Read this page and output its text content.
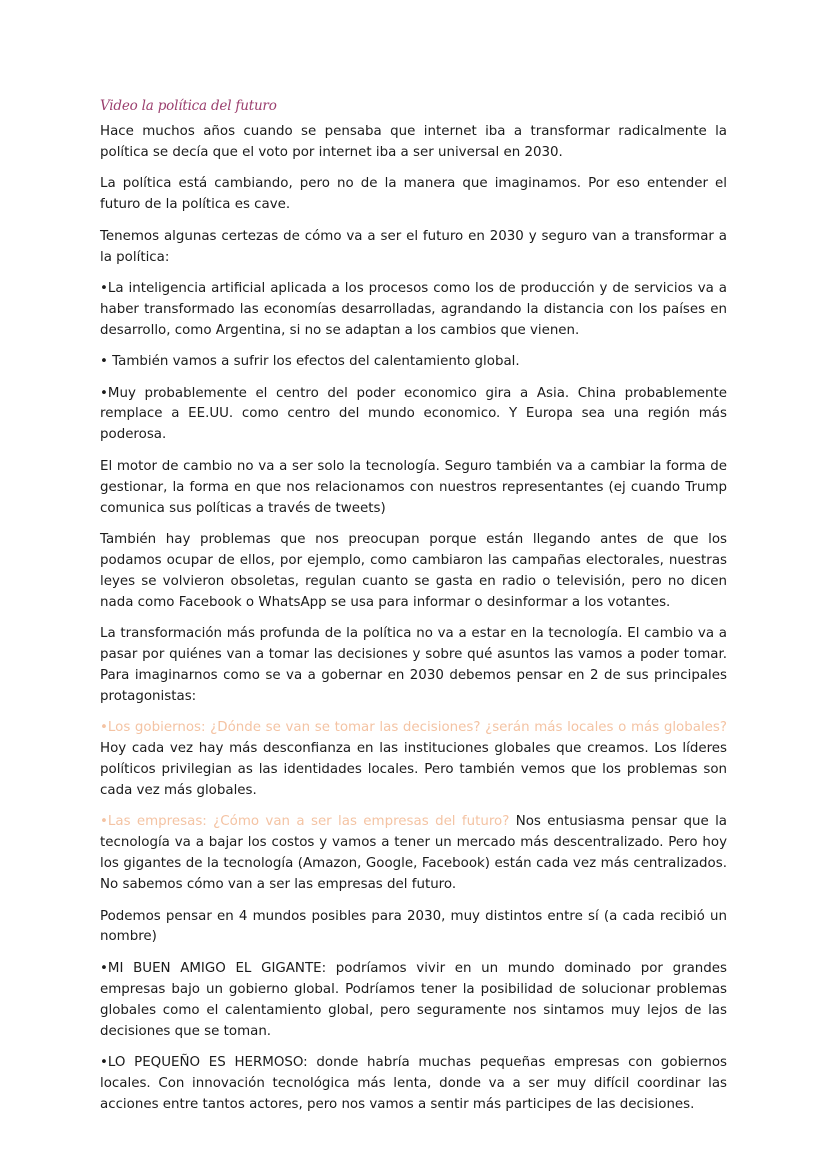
Video la política del futuro

Hace muchos años cuando se pensaba que internet iba a transformar radicalmente la política se decía que el voto por internet iba a ser universal en 2030.

La política está cambiando, pero no de la manera que imaginamos. Por eso entender el futuro de la política es cave.

Tenemos algunas certezas de cómo va a ser el futuro en 2030 y seguro van a transformar a la política:

•La inteligencia artificial aplicada a los procesos como los de producción y de servicios va a haber transformado las economías desarrolladas, agrandando la distancia con los países en desarrollo, como Argentina, si no se adaptan a los cambios que vienen.

• También vamos a sufrir los efectos del calentamiento global.

•Muy probablemente el centro del poder economico gira a Asia. China probablemente remplace a EE.UU. como centro del mundo economico. Y Europa sea una región más poderosa.

El motor de cambio no va a ser solo la tecnología. Seguro también va a cambiar la forma de gestionar, la forma en que nos relacionamos con nuestros representantes (ej cuando Trump comunica sus políticas a través de tweets)

También hay problemas que nos preocupan porque están llegando antes de que los podamos ocupar de ellos, por ejemplo, como cambiaron las campañas electorales, nuestras leyes se volvieron obsoletas, regulan cuanto se gasta en radio o televisión, pero no dicen nada como Facebook o WhatsApp se usa para informar o desinformar a los votantes.

La transformación más profunda de la política no va a estar en la tecnología. El cambio va a pasar por quiénes van a tomar las decisiones y sobre qué asuntos las vamos a poder tomar. Para imaginarnos como se va a gobernar en 2030 debemos pensar en 2 de sus principales protagonistas:

•Los gobiernos: ¿Dónde se van se tomar las decisiones? ¿serán más locales o más globales? Hoy cada vez hay más desconfianza en las instituciones globales que creamos. Los líderes políticos privilegian as las identidades locales. Pero también vemos que los problemas son cada vez más globales.

•Las empresas: ¿Cómo van a ser las empresas del futuro? Nos entusiasma pensar que la tecnología va a bajar los costos y vamos a tener un mercado más descentralizado. Pero hoy los gigantes de la tecnología (Amazon, Google, Facebook) están cada vez más centralizados. No sabemos cómo van a ser las empresas del futuro.

Podemos pensar en 4 mundos posibles para 2030, muy distintos entre sí (a cada recibió un nombre)

•MI BUEN AMIGO EL GIGANTE: podríamos vivir en un mundo dominado por grandes empresas bajo un gobierno global. Podríamos tener la posibilidad de solucionar problemas globales como el calentamiento global, pero seguramente nos sintamos muy lejos de las decisiones que se toman.

•LO PEQUEÑO ES HERMOSO: donde habría muchas pequeñas empresas con gobiernos locales. Con innovación tecnológica más lenta, donde va a ser muy difícil coordinar las acciones entre tantos actores, pero nos vamos a sentir más participes de las decisiones.
